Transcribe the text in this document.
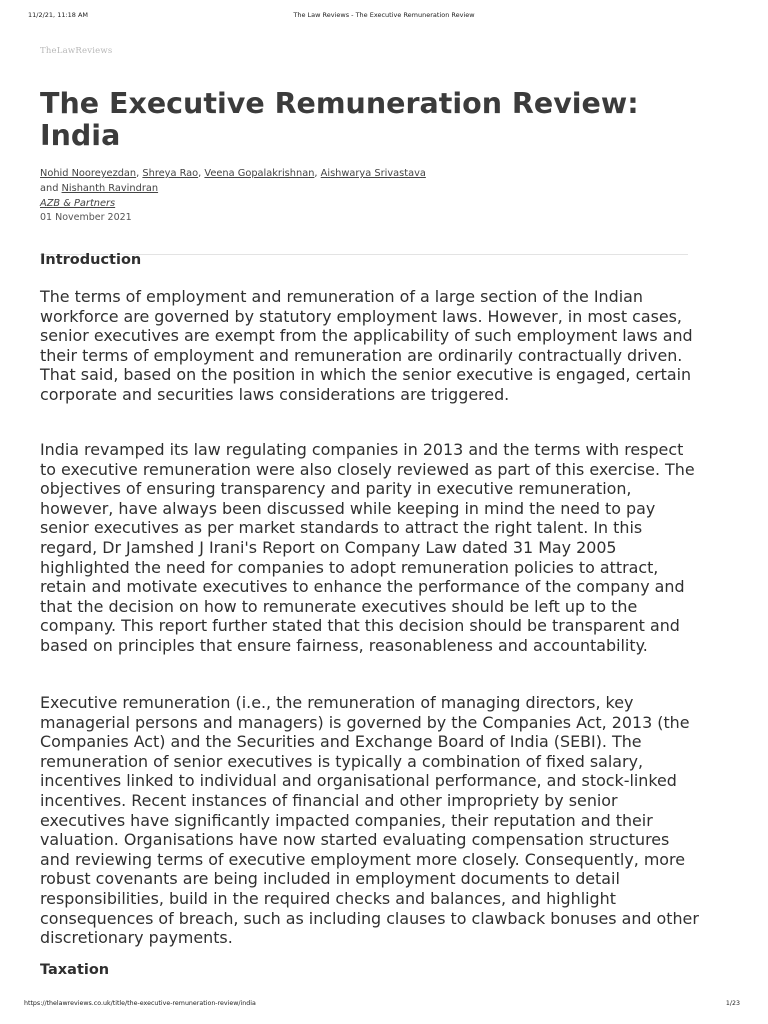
11/2/21, 11:18 AM	The Law Reviews - The Executive Remuneration Review
TheLawReviews
The Executive Remuneration Review: India
Nohid Nooreyezdan, Shreya Rao, Veena Gopalakrishnan, Aishwarya Srivastava
and Nishanth Ravindran
AZB & Partners
01 November 2021
Introduction

The terms of employment and remuneration of a large section of the Indian workforce are governed by statutory employment laws. However, in most cases, senior executives are exempt from the applicability of such employment laws and their terms of employment and remuneration are ordinarily contractually driven. That said, based on the position in which the senior executive is engaged, certain corporate and securities laws considerations are triggered.

India revamped its law regulating companies in 2013 and the terms with respect to executive remuneration were also closely reviewed as part of this exercise. The objectives of ensuring transparency and parity in executive remuneration, however, have always been discussed while keeping in mind the need to pay senior executives as per market standards to attract the right talent. In this regard, Dr Jamshed J Irani's Report on Company Law dated 31 May 2005 highlighted the need for companies to adopt remuneration policies to attract, retain and motivate executives to enhance the performance of the company and that the decision on how to remunerate executives should be left up to the company. This report further stated that this decision should be transparent and based on principles that ensure fairness, reasonableness and accountability.

Executive remuneration (i.e., the remuneration of managing directors, key managerial persons and managers) is governed by the Companies Act, 2013 (the Companies Act) and the Securities and Exchange Board of India (SEBI). The remuneration of senior executives is typically a combination of fixed salary, incentives linked to individual and organisational performance, and stock-linked incentives. Recent instances of financial and other impropriety by senior executives have significantly impacted companies, their reputation and their valuation. Organisations have now started evaluating compensation structures and reviewing terms of executive employment more closely. Consequently, more robust covenants are being included in employment documents to detail responsibilities, build in the required checks and balances, and highlight consequences of breach, such as including clauses to clawback bonuses and other discretionary payments.

Taxation
https://thelawreviews.co.uk/title/the-executive-remuneration-review/india	1/23
